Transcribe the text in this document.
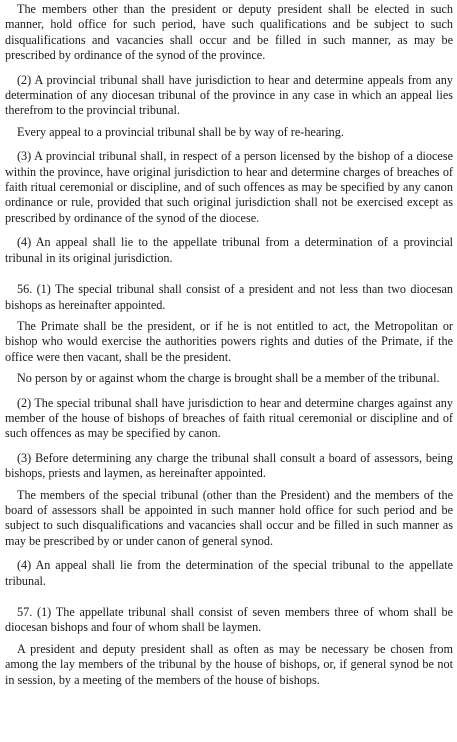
The members other than the president or deputy president shall be elected in such manner, hold office for such period, have such qualifications and be subject to such disqualifications and vacancies shall occur and be filled in such manner, as may be prescribed by ordinance of the synod of the province.

(2) A provincial tribunal shall have jurisdiction to hear and determine appeals from any determination of any diocesan tribunal of the province in any case in which an appeal lies therefrom to the provincial tribunal.

Every appeal to a provincial tribunal shall be by way of re-hearing.

(3) A provincial tribunal shall, in respect of a person licensed by the bishop of a diocese within the province, have original jurisdiction to hear and determine charges of breaches of faith ritual ceremonial or discipline, and of such offences as may be specified by any canon ordinance or rule, provided that such original jurisdiction shall not be exercised except as prescribed by ordinance of the synod of the diocese.

(4) An appeal shall lie to the appellate tribunal from a determination of a provincial tribunal in its original jurisdiction.

56. (1) The special tribunal shall consist of a president and not less than two diocesan bishops as hereinafter appointed.

The Primate shall be the president, or if he is not entitled to act, the Metropolitan or bishop who would exercise the authorities powers rights and duties of the Primate, if the office were then vacant, shall be the president.

No person by or against whom the charge is brought shall be a member of the tribunal.

(2) The special tribunal shall have jurisdiction to hear and determine charges against any member of the house of bishops of breaches of faith ritual ceremonial or discipline and of such offences as may be specified by canon.

(3) Before determining any charge the tribunal shall consult a board of assessors, being bishops, priests and laymen, as hereinafter appointed.

The members of the special tribunal (other than the President) and the members of the board of assessors shall be appointed in such manner hold office for such period and be subject to such disqualifications and vacancies shall occur and be filled in such manner as may be prescribed by or under canon of general synod.

(4) An appeal shall lie from the determination of the special tribunal to the appellate tribunal.

57. (1) The appellate tribunal shall consist of seven members three of whom shall be diocesan bishops and four of whom shall be laymen.

A president and deputy president shall as often as may be necessary be chosen from among the lay members of the tribunal by the house of bishops, or, if general synod be not in session, by a meeting of the members of the house of bishops.
